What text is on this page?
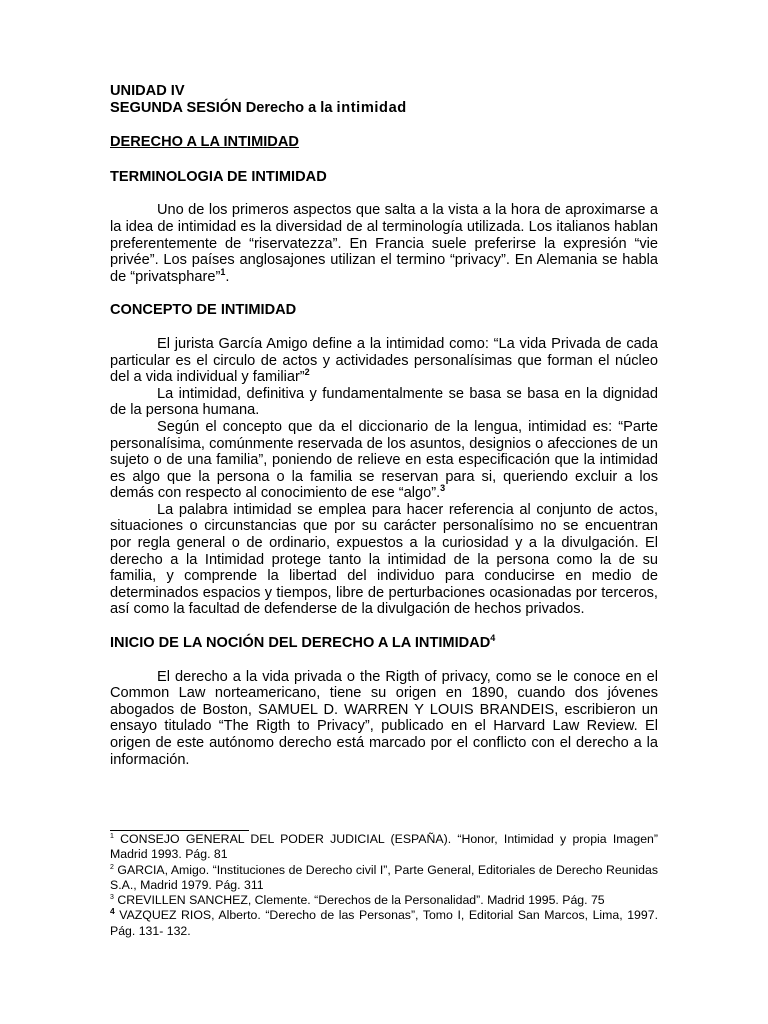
UNIDAD IV
SEGUNDA SESIÓN Derecho a la intimidad
DERECHO A LA INTIMIDAD
TERMINOLOGIA DE INTIMIDAD

Uno de los primeros aspectos que salta a la vista a la hora de aproximarse a la idea de intimidad es la diversidad de al terminología utilizada. Los italianos hablan preferentemente de “riservatezza”. En Francia suele preferirse la expresión “vie privée”. Los países anglosajones utilizan el termino “privacy”. En Alemania se habla de “privatsphare”$^1$.

CONCEPTO DE INTIMIDAD

El jurista García Amigo define a la intimidad como: “La vida Privada de cada particular es el circulo de actos y actividades personalísimas que forman el núcleo del a vida individual y familiar”$^2$

La intimidad, definitiva y fundamentalmente se basa se basa en la dignidad de la persona humana.

Según el concepto que da el diccionario de la lengua, intimidad es: “Parte personalísima, comúnmente reservada de los asuntos, designios o afecciones de un sujeto o de una familia”, poniendo de relieve en esta especificación que la intimidad es algo que la persona o la familia se reservan para si, queriendo excluir a los demás con respecto al conocimiento de ese “algo”.$^3$

La palabra intimidad se emplea para hacer referencia al conjunto de actos, situaciones o circunstancias que por su carácter personalísimo no se encuentran por regla general o de ordinario, expuestos a la curiosidad y a la divulgación. El derecho a la Intimidad protege tanto la intimidad de la persona como la de su familia, y comprende la libertad del individuo para conducirse en medio de determinados espacios y tiempos, libre de perturbaciones ocasionadas por terceros, así como la facultad de defenderse de la divulgación de hechos privados.

INICIO DE LA NOCIÓN DEL DERECHO A LA INTIMIDAD$^4$

El derecho a la vida privada o the Rigth of privacy, como se le conoce en el Common Law norteamericano, tiene su origen en 1890, cuando dos jóvenes abogados de Boston, SAMUEL D. WARREN Y LOUIS BRANDEIS, escribieron un ensayo titulado “The Rigth to Privacy”, publicado en el Harvard Law Review. El origen de este autónomo derecho está marcado por el conflicto con el derecho a la información.

$^1$ CONSEJO GENERAL DEL PODER JUDICIAL (ESPAÑA). “Honor, Intimidad y propia Imagen” Madrid 1993. Pág. 81
$^2$ GARCIA, Amigo. “Instituciones de Derecho civil I”, Parte General, Editoriales de Derecho Reunidas S.A., Madrid 1979. Pág. 311
$^3$ CREVILLEN SANCHEZ, Clemente. “Derechos de la Personalidad”. Madrid 1995. Pág. 75
$^4$ VAZQUEZ RIOS, Alberto. “Derecho de las Personas”, Tomo I, Editorial San Marcos, Lima, 1997. Pág. 131- 132.
